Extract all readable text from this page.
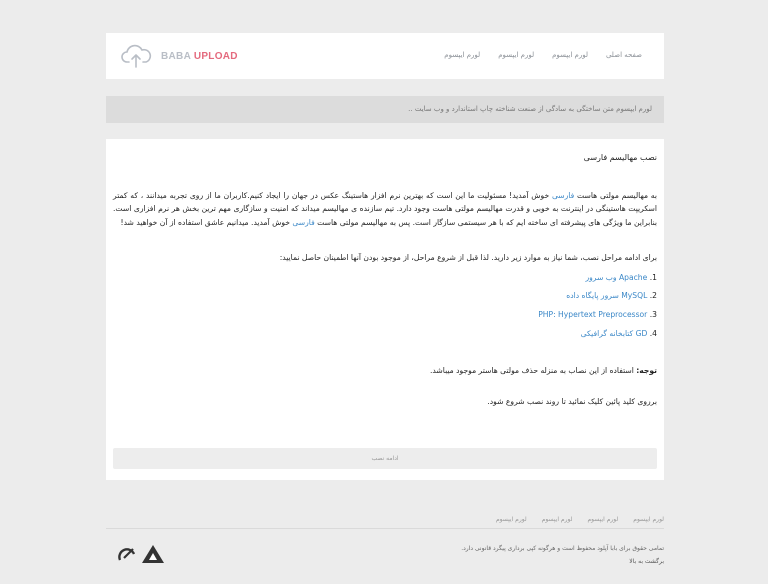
BABA UPLOAD	صفحه اصلی
لورم ایپسوم
لورم ایپسوم
لورم ایپسوم
لورم ایپسوم متن ساختگی به سادگی از صنعت شناخته چاپ استاندارد و وب سایت ..

نصب مهالیسم فارسی

به مهالیسم مولتی هاست فارسی خوش آمدید! مسئولیت ما این است که بهترین نرم افزار هاستینگ عکس در جهان را ایجاد کنیم.کاربران ما از روی تجربه میدانند ، که کمتر اسکریپت هاستینگی در اینترنت به خوبی و قدرت مهالیسم مولتی هاست وجود دارد. تیم سازنده ی مهالیسم میداند که امنیت و سازگاری مهم ترین بخش هر نرم افزاری است. بنابراین ما ویژگی های پیشرفته ای ساخته ایم که با هر سیستمی سازگار است. پس به مهالیسم مولتی هاست فارسی خوش آمدید. میدانیم عاشق استفاده از آن خواهید شد!

برای ادامه مراحل نصب، شما نیاز به موارد زیر دارید. لذا قبل از شروع مراحل، از موجود بودن آنها اطمینان حاصل نمایید:

1. Apache وب سرور
2. MySQL سرور پایگاه داده
3. PHP: Hypertext Preprocessor
4. GD کتابخانه گرافیکی

توجه: استفاده از این نصاب به منزله حذف مولتی هاستر موجود میباشد.

برروی کلید پائین کلیک نمائید تا روند نصب شروع شود.

ادامه نصب
لورم ایپسوم
لورم ایپسوم
لورم ایپسوم
لورم ایپسوم
تمامی حقوق برای بابا آپلود محفوظ است و هرگونه کپی برداری پیگرد قانونی دارد.
برگشت به بالا
